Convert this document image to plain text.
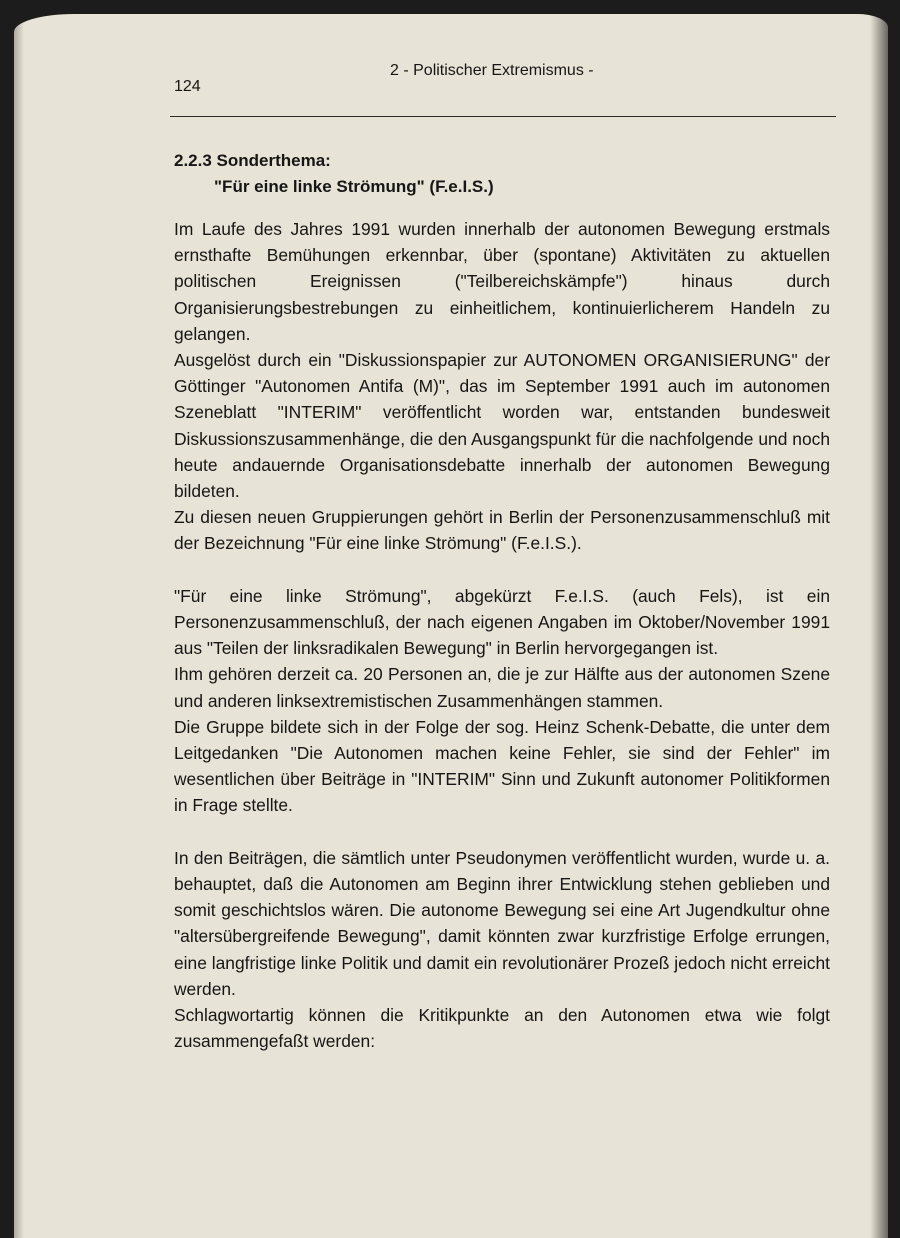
124
2 - Politischer Extremismus -
2.2.3 Sonderthema:
"Für eine linke Strömung" (F.e.I.S.)

Im Laufe des Jahres 1991 wurden innerhalb der autonomen Bewegung erstmals ernsthafte Bemühungen erkennbar, über (spontane) Aktivitäten zu aktuellen politischen Ereignissen ("Teilbereichskämpfe") hinaus durch Organisierungsbestrebungen zu einheitlichem, kontinuierlicherem Handeln zu gelangen.

Ausgelöst durch ein "Diskussionspapier zur AUTONOMEN ORGANISIERUNG" der Göttinger "Autonomen Antifa (M)", das im September 1991 auch im autonomen Szeneblatt "INTERIM" veröffentlicht worden war, entstanden bundesweit Diskussionszusammenhänge, die den Ausgangspunkt für die nachfolgende und noch heute andauernde Organisationsdebatte innerhalb der autonomen Bewegung bildeten.

Zu diesen neuen Gruppierungen gehört in Berlin der Personenzusammenschluß mit der Bezeichnung "Für eine linke Strömung" (F.e.I.S.).

"Für eine linke Strömung", abgekürzt F.e.I.S. (auch Fels), ist ein Personenzusammenschluß, der nach eigenen Angaben im Oktober/November 1991 aus "Teilen der linksradikalen Bewegung" in Berlin hervorgegangen ist.

Ihm gehören derzeit ca. 20 Personen an, die je zur Hälfte aus der autonomen Szene und anderen linksextremistischen Zusammenhängen stammen.

Die Gruppe bildete sich in der Folge der sog. Heinz Schenk-Debatte, die unter dem Leitgedanken "Die Autonomen machen keine Fehler, sie sind der Fehler" im wesentlichen über Beiträge in "INTERIM" Sinn und Zukunft autonomer Politikformen in Frage stellte.

In den Beiträgen, die sämtlich unter Pseudonymen veröffentlicht wurden, wurde u. a. behauptet, daß die Autonomen am Beginn ihrer Entwicklung stehen geblieben und somit geschichtslos wären. Die autonome Bewegung sei eine Art Jugendkultur ohne "altersübergreifende Bewegung", damit könnten zwar kurzfristige Erfolge errungen, eine langfristige linke Politik und damit ein revolutionärer Prozeß jedoch nicht erreicht werden.

Schlagwortartig können die Kritikpunkte an den Autonomen etwa wie folgt zusammengefaßt werden:
